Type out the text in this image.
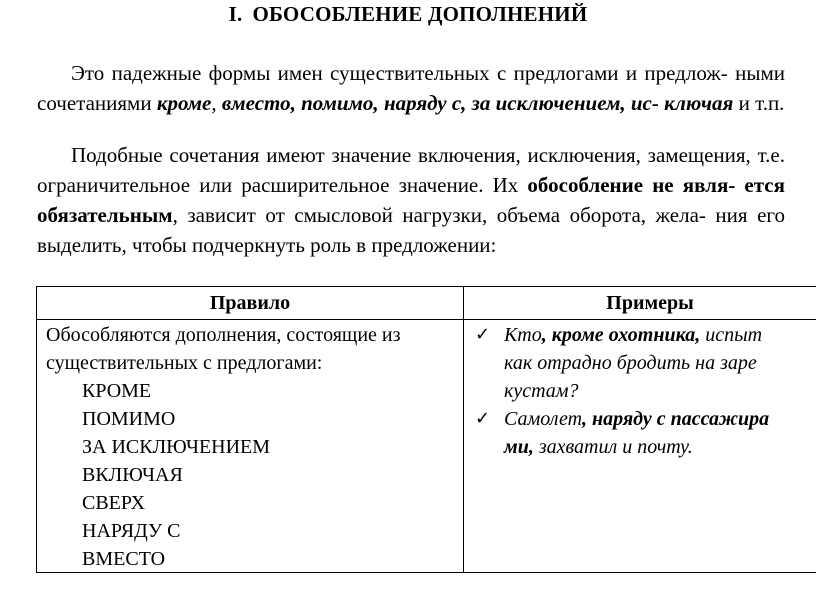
I. ОБОСОБЛЕНИЕ ДОПОЛНЕНИЙ

Это падежные формы имен существительных с предлогами и предлож- ными сочетаниями кроме, вместо, помимо, наряду с, за исключением, ис- ключая и т.п.

Подобные сочетания имеют значение включения, исключения, замещения, т.е. ограничительное или расширительное значение. Их обособление не явля- ется обязательным, зависит от смысловой нагрузки, объема оборота, жела- ния его выделить, чтобы подчеркнуть роль в предложении:

Правило	Примеры

Обособляются дополнения, состоящие из существительных с предлогами:

КРОМЕ
ПОМИМО
ЗА ИСКЛЮЧЕНИЕМ
ВКЛЮЧАЯ
СВЕРХ
НАРЯДУ С
ВМЕСТО
✓ Кто, кроме охотника, испыт
как отрадно бродить на заре
кустам?
✓ Самолет, наряду с пассажира
ми, захватил и почту.
